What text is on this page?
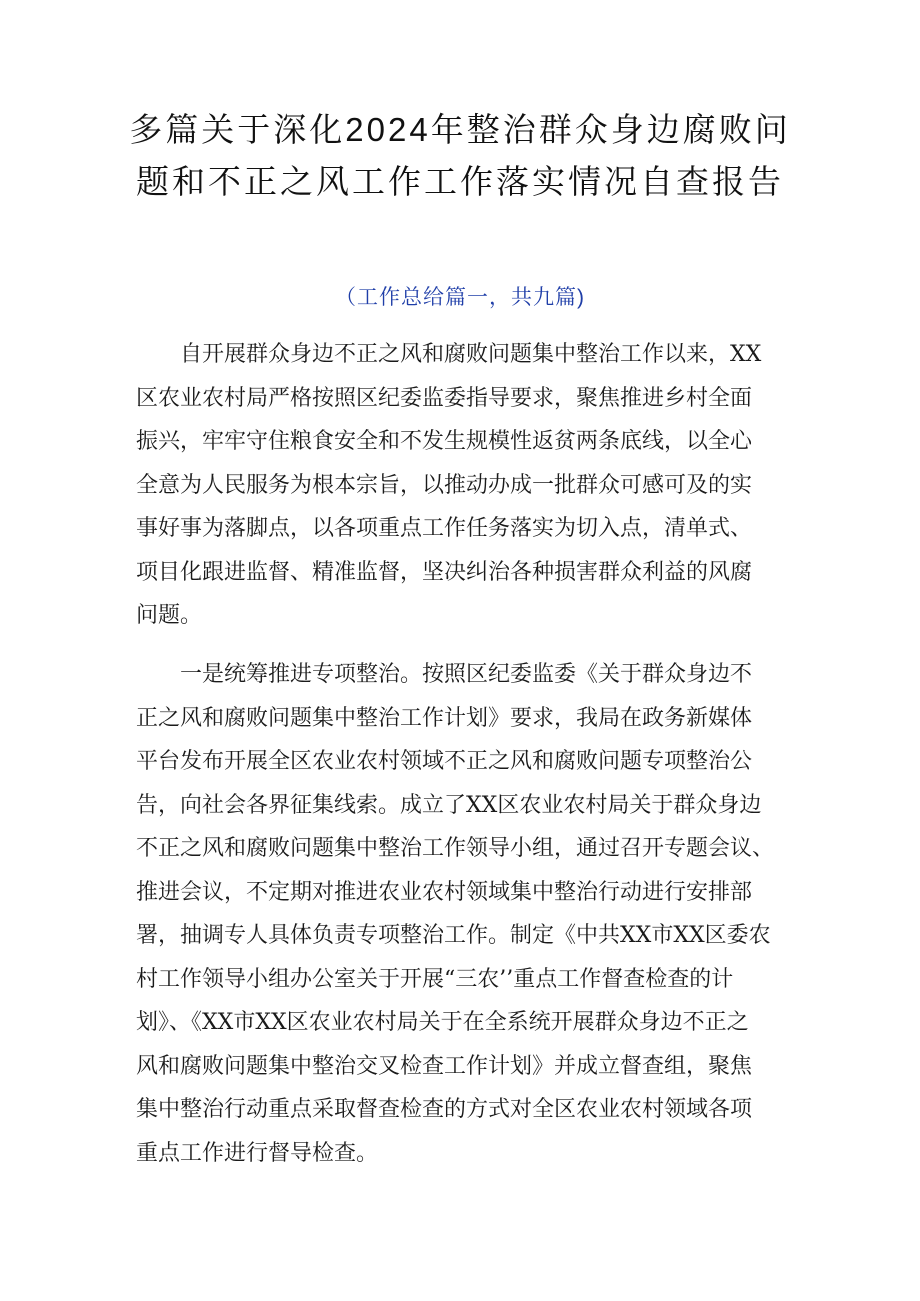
多篇关于深化2024年整治群众身边腐败问
题和不正之风工作工作落实情况自查报告
（工作总给篇一，共九篇)
自开展群众身边不正之风和腐败问题集中整治工作以来，XX
区农业农村局严格按照区纪委监委指导要求，聚焦推进乡村全面
振兴，牢牢守住粮食安全和不发生规模性返贫两条底线，以全心
全意为人民服务为根本宗旨，以推动办成一批群众可感可及的实
事好事为落脚点，以各项重点工作任务落实为切入点，清单式、
项目化跟进监督、精准监督，坚决纠治各种损害群众利益的风腐
问题。
一是统筹推进专项整治。按照区纪委监委《关于群众身边不
正之风和腐败问题集中整治工作计划》要求，我局在政务新媒体
平台发布开展全区农业农村领域不正之风和腐败问题专项整治公
告，向社会各界征集线索。成立了XX区农业农村局关于群众身边
不正之风和腐败问题集中整治工作领导小组，通过召开专题会议、
推进会议，不定期对推进农业农村领域集中整治行动进行安排部
署，抽调专人具体负责专项整治工作。制定《中共XX市XX区委农
村工作领导小组办公室关于开展“三农’’重点工作督查检查的计
划》、《XX市XX区农业农村局关于在全系统开展群众身边不正之
风和腐败问题集中整治交叉检查工作计划》并成立督查组，聚焦
集中整治行动重点采取督查检查的方式对全区农业农村领域各项
重点工作进行督导检查。
